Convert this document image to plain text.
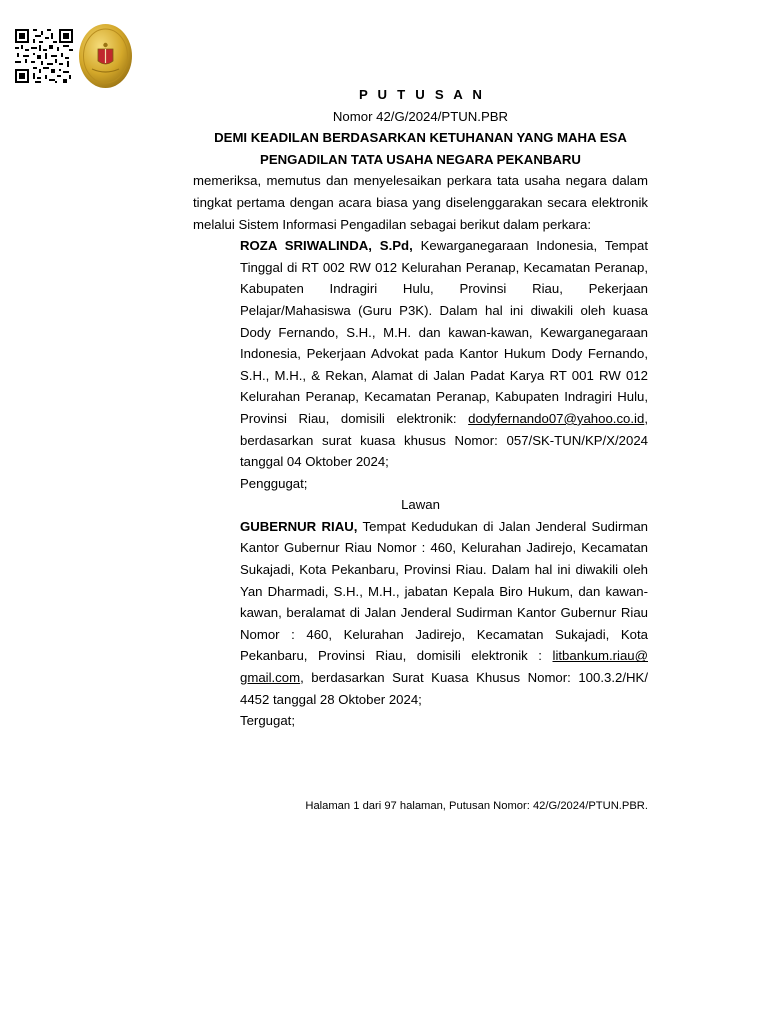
P U T U S A N
Nomor 42/G/2024/PTUN.PBR
DEMI KEADILAN BERDASARKAN KETUHANAN YANG MAHA ESA
PENGADILAN TATA USAHA NEGARA PEKANBARU
memeriksa, memutus dan menyelesaikan perkara tata usaha negara dalam tingkat pertama dengan acara biasa yang diselenggarakan secara elektronik melalui Sistem Informasi Pengadilan sebagai berikut dalam perkara:
ROZA SRIWALINDA, S.Pd, Kewarganegaraan Indonesia, Tempat Tinggal di RT 002 RW 012 Kelurahan Peranap, Kecamatan Peranap, Kabupaten Indragiri Hulu, Provinsi Riau, Pekerjaan Pelajar/Mahasiswa (Guru P3K). Dalam hal ini diwakili oleh kuasa Dody Fernando, S.H., M.H. dan kawan-kawan, Kewarganegaraan Indonesia, Pekerjaan Advokat pada Kantor Hukum Dody Fernando, S.H., M.H., & Rekan, Alamat di Jalan Padat Karya RT 001 RW 012 Kelurahan Peranap, Kecamatan Peranap, Kabupaten Indragiri Hulu, Provinsi Riau, domisili elektronik: dodyfernando07@yahoo.co.id, berdasarkan surat kuasa khusus Nomor: 057/SK-TUN/KP/X/2024 tanggal 04 Oktober 2024;
Penggugat;
Lawan
GUBERNUR RIAU, Tempat Kedudukan di Jalan Jenderal Sudirman Kantor Gubernur Riau Nomor : 460, Kelurahan Jadirejo, Kecamatan Sukajadi, Kota Pekanbaru, Provinsi Riau. Dalam hal ini diwakili oleh Yan Dharmadi, S.H., M.H., jabatan Kepala Biro Hukum, dan kawan-kawan, beralamat di Jalan Jenderal Sudirman Kantor Gubernur Riau Nomor : 460, Kelurahan Jadirejo, Kecamatan Sukajadi, Kota Pekanbaru, Provinsi Riau, domisili elektronik : litbankum.riau@ gmail.com, berdasarkan Surat Kuasa Khusus Nomor: 100.3.2/HK/ 4452 tanggal 28 Oktober 2024;
Tergugat;
Halaman 1 dari 97 halaman, Putusan Nomor: 42/G/2024/PTUN.PBR.
